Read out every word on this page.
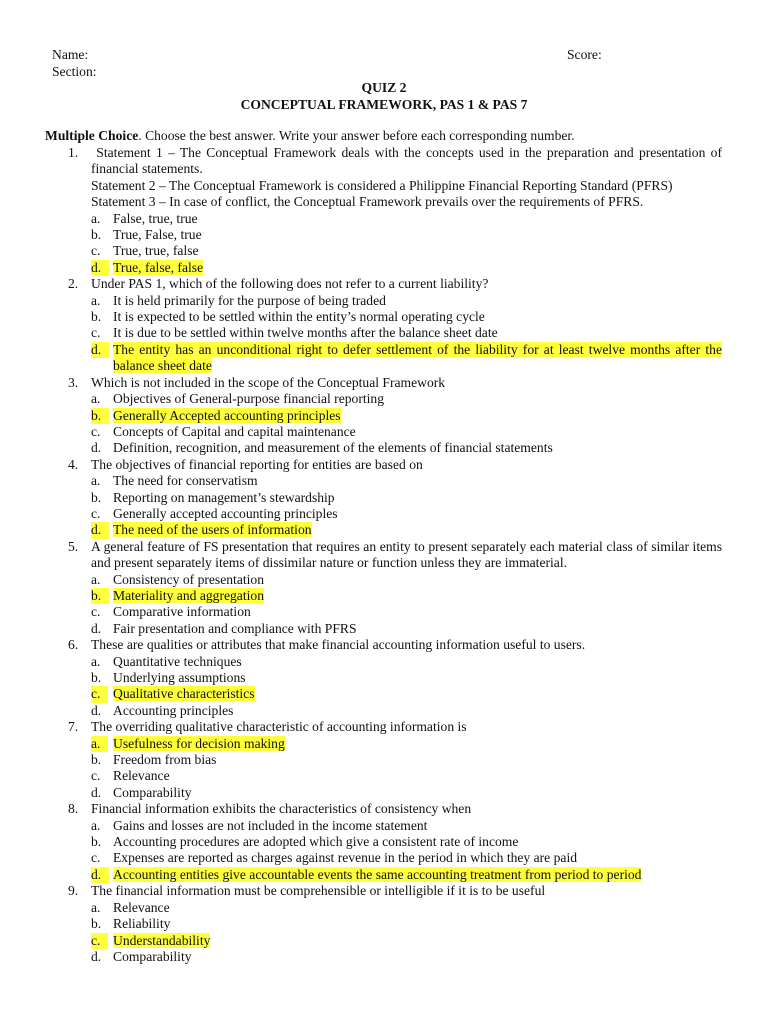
Name:
Section:
Score:
QUIZ 2
CONCEPTUAL FRAMEWORK, PAS 1 & PAS 7
Multiple Choice. Choose the best answer. Write your answer before each corresponding number.
1. Statement 1 – The Conceptual Framework deals with the concepts used in the preparation and presentation of financial statements.
Statement 2 – The Conceptual Framework is considered a Philippine Financial Reporting Standard (PFRS)
Statement 3 – In case of conflict, the Conceptual Framework prevails over the requirements of PFRS.
a. False, true, true
b. True, False, true
c. True, true, false
d. True, false, false
2. Under PAS 1, which of the following does not refer to a current liability?
a. It is held primarily for the purpose of being traded
b. It is expected to be settled within the entity’s normal operating cycle
c. It is due to be settled within twelve months after the balance sheet date
d. The entity has an unconditional right to defer settlement of the liability for at least twelve months after the balance sheet date
3. Which is not included in the scope of the Conceptual Framework
a. Objectives of General-purpose financial reporting
b. Generally Accepted accounting principles
c. Concepts of Capital and capital maintenance
d. Definition, recognition, and measurement of the elements of financial statements
4. The objectives of financial reporting for entities are based on
a. The need for conservatism
b. Reporting on management’s stewardship
c. Generally accepted accounting principles
d. The need of the users of information
5. A general feature of FS presentation that requires an entity to present separately each material class of similar items and present separately items of dissimilar nature or function unless they are immaterial.
a. Consistency of presentation
b. Materiality and aggregation
c. Comparative information
d. Fair presentation and compliance with PFRS
6. These are qualities or attributes that make financial accounting information useful to users.
a. Quantitative techniques
b. Underlying assumptions
c. Qualitative characteristics
d. Accounting principles
7. The overriding qualitative characteristic of accounting information is
a. Usefulness for decision making
b. Freedom from bias
c. Relevance
d. Comparability
8. Financial information exhibits the characteristics of consistency when
a. Gains and losses are not included in the income statement
b. Accounting procedures are adopted which give a consistent rate of income
c. Expenses are reported as charges against revenue in the period in which they are paid
d. Accounting entities give accountable events the same accounting treatment from period to period
9. The financial information must be comprehensible or intelligible if it is to be useful
a. Relevance
b. Reliability
c. Understandability
d. Comparability
